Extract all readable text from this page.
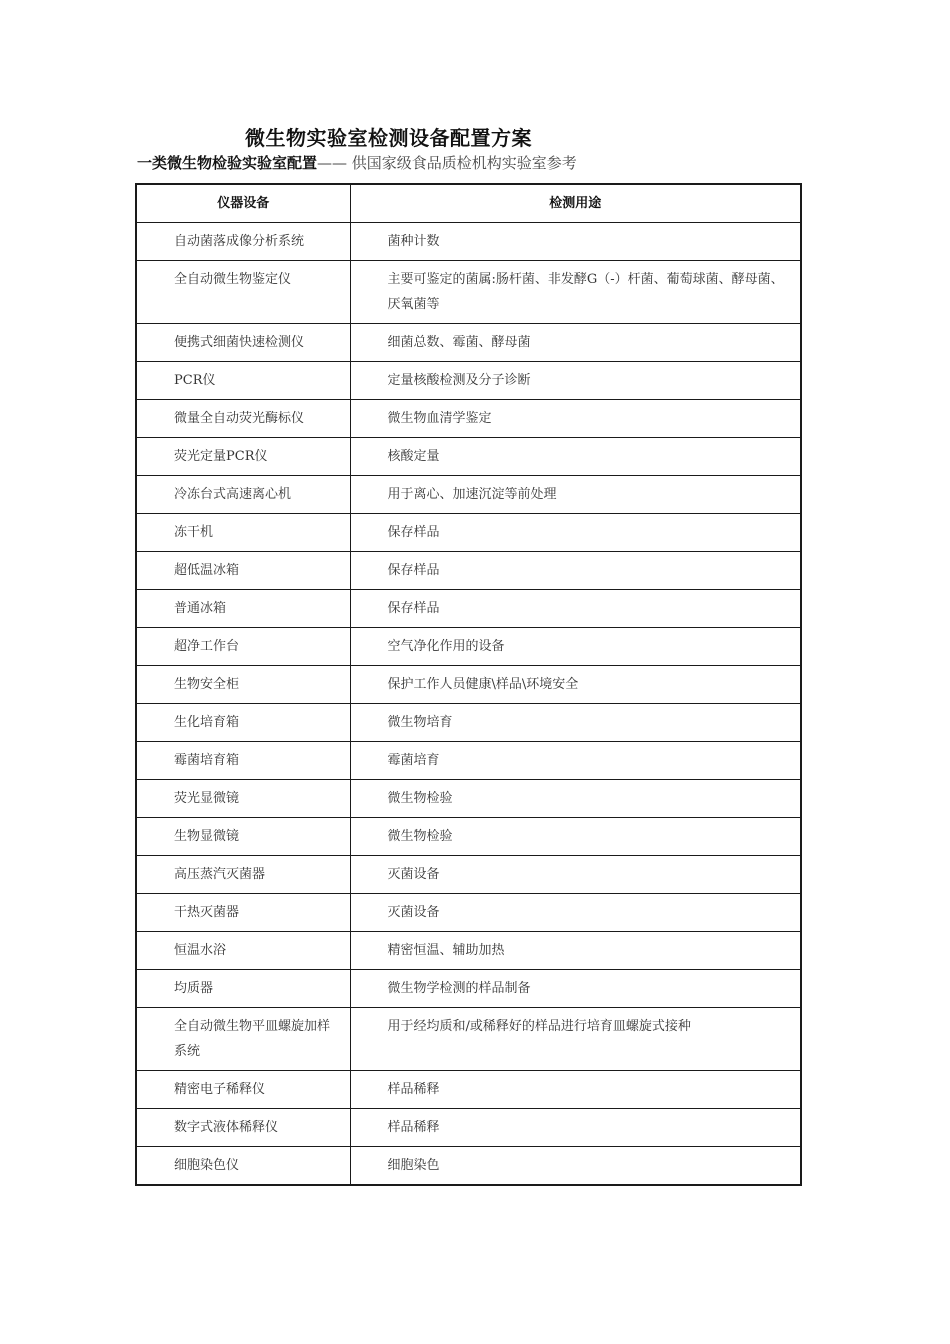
微生物实验室检测设备配置方案
一类微生物检验实验室配置—— 供国家级食品质检机构实验室参考
仪器设备	检测用途
自动菌落成像分析系统	菌种计数
全自动微生物鉴定仪	主要可鉴定的菌属:肠杆菌、非发酵G（-）杆菌、葡萄球菌、酵母菌、厌氧菌等
便携式细菌快速检测仪	细菌总数、霉菌、酵母菌
PCR仪	定量核酸检测及分子诊断
微量全自动荧光酶标仪	微生物血清学鉴定
荧光定量PCR仪	核酸定量
冷冻台式高速离心机	用于离心、加速沉淀等前处理
冻干机	保存样品
超低温冰箱	保存样品
普通冰箱	保存样品
超净工作台	空气净化作用的设备
生物安全柜	保护工作人员健康\样品\环境安全
生化培育箱	微生物培育
霉菌培育箱	霉菌培育
荧光显微镜	微生物检验
生物显微镜	微生物检验
高压蒸汽灭菌器	灭菌设备
干热灭菌器	灭菌设备
恒温水浴	精密恒温、辅助加热
均质器	微生物学检测的样品制备
全自动微生物平皿螺旋加样系统	用于经均质和/或稀释好的样品进行培育皿螺旋式接种
精密电子稀释仪	样品稀释
数字式液体稀释仪	样品稀释
细胞染色仪	细胞染色
